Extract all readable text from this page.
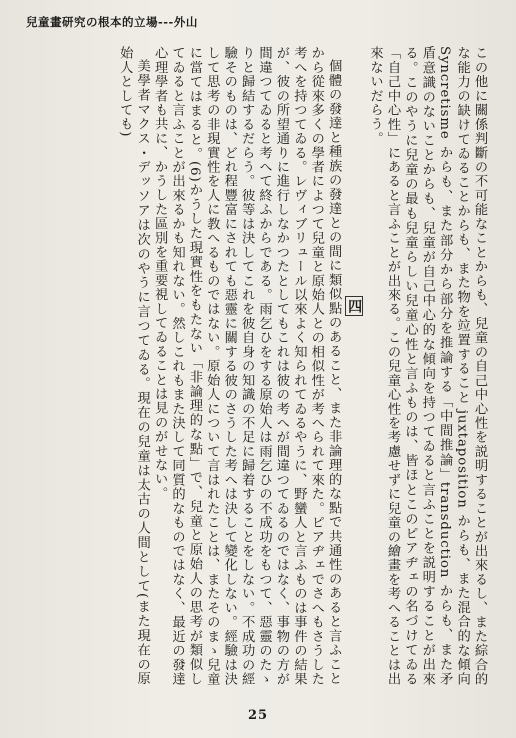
兒童畫研究の根本的立場---外山

この他に關係判斷の不可能なことからも、兒童の自己中心性を説明することが出來るし、また綜合的な能力の缺けてゐることからも、また物を竝置すること juxtaposition からも、また混合的な傾向 Syncretisme からも、また部分から部分を推論する「中間推論」transduction からも、また矛盾意識のないことからも、兒童が自己中心的な傾向を持つてゐると言ふことを説明することが出來る。このやうに兒童の最も兒童らしい兒童心性と言ふものは、皆ほとこのピアヂェの名づけてゐる「自己中心性」にあると言ふことが出來る。この兒童心性を考慮せずに兒童の繪畫を考へることは出來ないだらう。

四

個體の發達と種族の發達との間に類似點のあること、また非論理的な點で共通性のあると言ふことから從來多くの學者によつて兒童と原始人との相似性が考へられて來た。ピアヂェでさへもさうした考へを持つてゐる。レヴィブリュール以來よく知られてゐるやうに、野蠻人と言ふものは事件の結果が、彼の所望通りに進行しなかつたとしてもこれは彼の考へが間違つてゐるのではなく、事物の方が間違つてゐると考へて終ふからである。雨乞ひをする原始人は雨乞ひの不成功をもつて、惡靈のたゝりと歸結するだらう。彼等は決してこれを彼自身の知識の不足に歸着することをしない。不成功の經驗そのものは、どれ程豐富にされても惡靈に關する彼のさうした考へは決して變化しない。經驗は決して思考の非現實性を人に教へるものではない。原始人について言はれたことは、またそのまゝ兒童に當てはまると。(6)かうした現實性をもたない「非論理的な點」で、兒童と原始人の思考が類似してゐると言ふことが出來るかも知れない。然しこれもまた決して同質的なものではなく、最近の發達心理學者も共に、かうした區別を重要視してゐることは見のがせない。

美學者マクス・デッソアは次のやうに言つてゐる。現在の兒童は太古の人間として(また現在の原始人としても)

25
